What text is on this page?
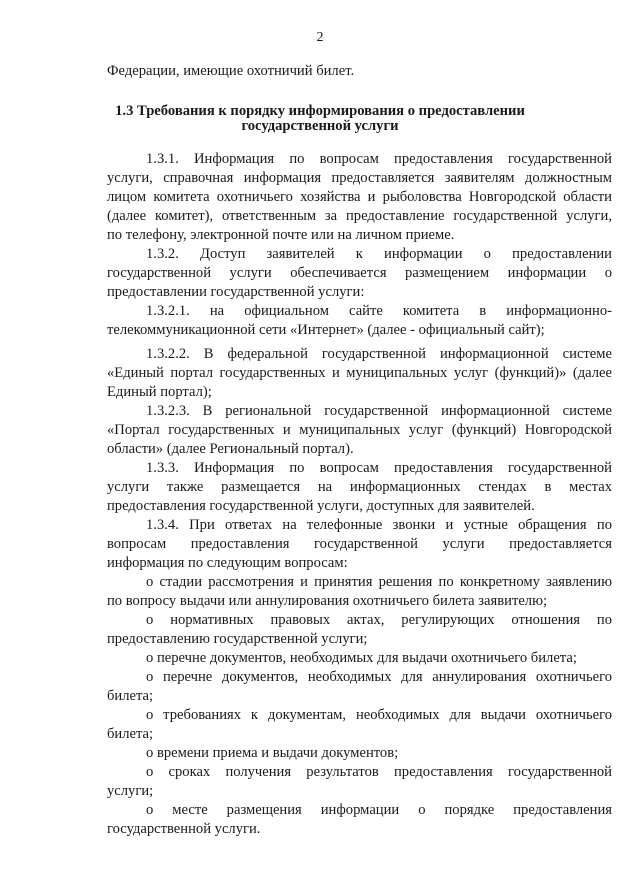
2
Федерации, имеющие охотничий билет.
1.3 Требования к порядку информирования о предоставлении
государственной услуги
1.3.1. Информация по вопросам предоставления государственной
услуги, справочная информация предоставляется заявителям должностным
лицом комитета охотничьего хозяйства и рыболовства Новгородской области
(далее комитет), ответственным за предоставление государственной услуги,
по телефону, электронной почте или на личном приеме.
1.3.2. Доступ заявителей к информации о предоставлении
государственной услуги обеспечивается размещением информации о
предоставлении государственной услуги:
1.3.2.1. на официальном сайте комитета в информационно-
телекоммуникационной сети «Интернет» (далее - официальный сайт);
1.3.2.2. В федеральной государственной информационной системе
«Единый портал государственных и муниципальных услуг (функций)» (далее
Единый портал);
1.3.2.3. В региональной государственной информационной системе
«Портал государственных и муниципальных услуг (функций) Новгородской
области» (далее Региональный портал).
1.3.3. Информация по вопросам предоставления государственной
услуги также размещается на информационных стендах в местах
предоставления государственной услуги, доступных для заявителей.
1.3.4. При ответах на телефонные звонки и устные обращения по
вопросам предоставления государственной услуги предоставляется
информация по следующим вопросам:
о стадии рассмотрения и принятия решения по конкретному заявлению
по вопросу выдачи или аннулирования охотничьего билета заявителю;
о нормативных правовых актах, регулирующих отношения по
предоставлению государственной услуги;
о перечне документов, необходимых для выдачи охотничьего билета;
о перечне документов, необходимых для аннулирования охотничьего
билета;
о требованиях к документам, необходимых для выдачи охотничьего
билета;
о времени приема и выдачи документов;
о сроках получения результатов предоставления государственной
услуги;
о месте размещения информации о порядке предоставления
государственной услуги.
